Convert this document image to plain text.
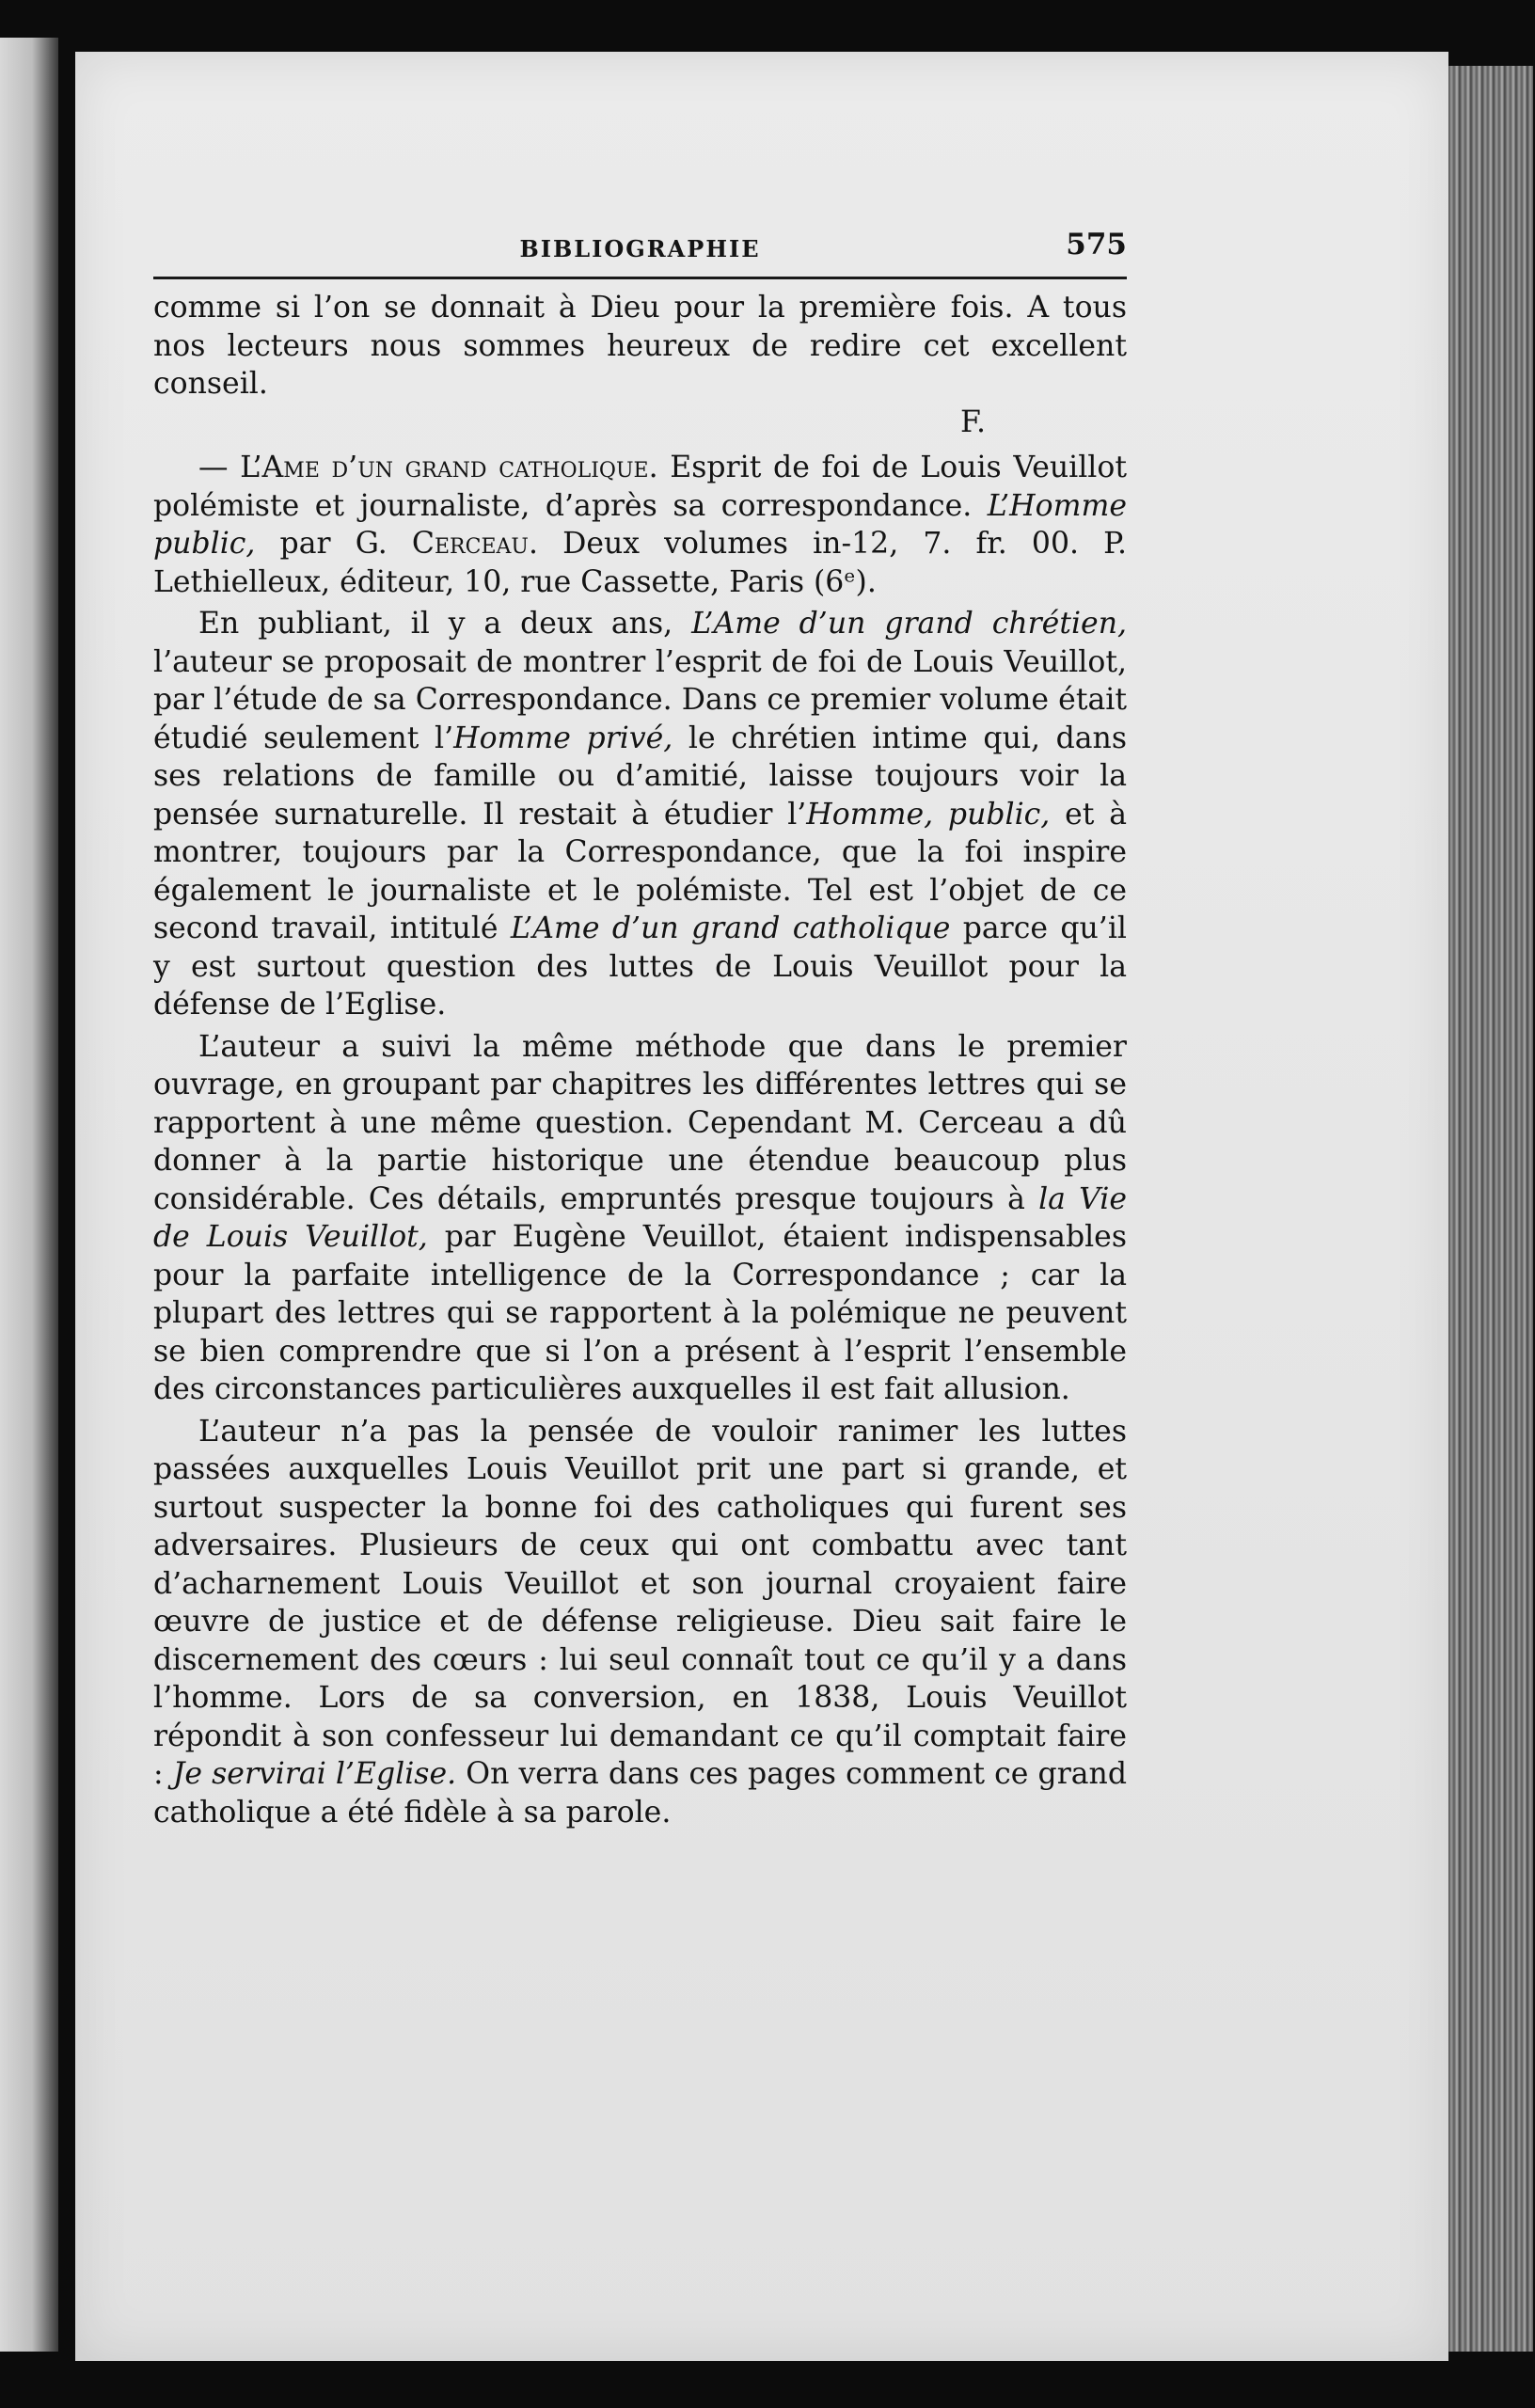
BIBLIOGRAPHIE	575

comme si l’on se donnait à Dieu pour la première fois. A tous nos lecteurs nous sommes heureux de redire cet excellent conseil.

F.

— L’Ame d’un grand catholique. Esprit de foi de Louis Veuillot polémiste et journaliste, d’après sa correspondance. L’Homme public, par G. Cerceau. Deux volumes in-12, 7. fr. 00. P. Lethielleux, éditeur, 10, rue Cassette, Paris (6ᵉ).

En publiant, il y a deux ans, L’Ame d’un grand chrétien, l’auteur se proposait de montrer l’esprit de foi de Louis Veuillot, par l’étude de sa Correspondance. Dans ce premier volume était étudié seulement l’Homme privé, le chrétien intime qui, dans ses relations de famille ou d’amitié, laisse toujours voir la pensée surnaturelle. Il restait à étudier l’Homme, public, et à montrer, toujours par la Correspondance, que la foi inspire également le journaliste et le polémiste. Tel est l’objet de ce second travail, intitulé L’Ame d’un grand catholique parce qu’il y est surtout question des luttes de Louis Veuillot pour la défense de l’Eglise.

L’auteur a suivi la même méthode que dans le premier ouvrage, en groupant par chapitres les différentes lettres qui se rapportent à une même question. Cependant M. Cerceau a dû donner à la partie historique une étendue beaucoup plus considérable. Ces détails, empruntés presque toujours à la Vie de Louis Veuillot, par Eugène Veuillot, étaient indispensables pour la parfaite intelligence de la Correspondance ; car la plupart des lettres qui se rapportent à la polémique ne peuvent se bien comprendre que si l’on a présent à l’esprit l’ensemble des circonstances particulières auxquelles il est fait allusion.

L’auteur n’a pas la pensée de vouloir ranimer les luttes passées auxquelles Louis Veuillot prit une part si grande, et surtout suspecter la bonne foi des catholiques qui furent ses adversaires. Plusieurs de ceux qui ont combattu avec tant d’acharnement Louis Veuillot et son journal croyaient faire œuvre de justice et de défense religieuse. Dieu sait faire le discernement des cœurs : lui seul connaît tout ce qu’il y a dans l’homme. Lors de sa conversion, en 1838, Louis Veuillot répondit à son confesseur lui demandant ce qu’il comptait faire : Je servirai l’Eglise. On verra dans ces pages comment ce grand catholique a été fidèle à sa parole.
